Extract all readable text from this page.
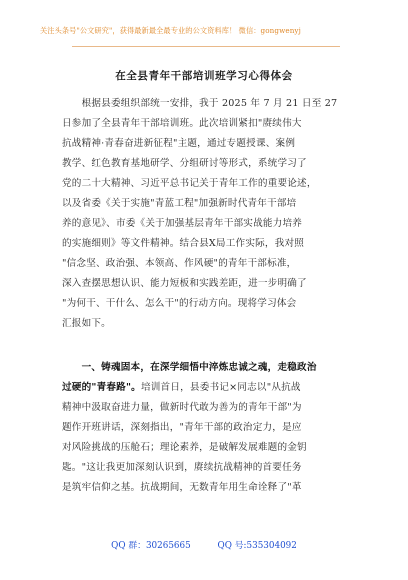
关注头条号"公文研究"，获得最新最全最专业的公文资料库！ 微信：gongwenyj
在全县青年干部培训班学习心得体会
　　根据县委组织部统一安排，我于 2025 年 7 月 21 日至 27
日参加了全县青年干部培训班。此次培训紧扣"赓续伟大
抗战精神·青春奋进新征程"主题，通过专题授课、案例
教学、红色教育基地研学、分组研讨等形式，系统学习了
党的二十大精神、习近平总书记关于青年工作的重要论述，
以及省委《关于实施"青蓝工程"加强新时代青年干部培
养的意见》、市委《关于加强基层青年干部实战能力培养
的实施细则》等文件精神。结合县X局工作实际，我对照
"信念坚、政治强、本领高、作风硬"的青年干部标准，
深入查摆思想认识、能力短板和实践差距，进一步明确了
"为何干、干什么、怎么干"的行动方向。现将学习体会
汇报如下。
　　一、铸魂固本，在深学细悟中淬炼忠诚之魂，走稳政治
过硬的"青春路"。培训首日，县委书记×同志以"从抗战
精神中汲取奋进力量，做新时代敢为善为的青年干部"为
题作开班讲话，深刻指出，"青年干部的政治定力，是应
对风险挑战的压舱石；理论素养，是破解发展难题的金钥
匙。"这让我更加深刻认识到，赓续抗战精神的首要任务
是筑牢信仰之基。抗战期间，无数青年用生命诠释了"革
QQ 群：30265665	QQ 号:535304092
